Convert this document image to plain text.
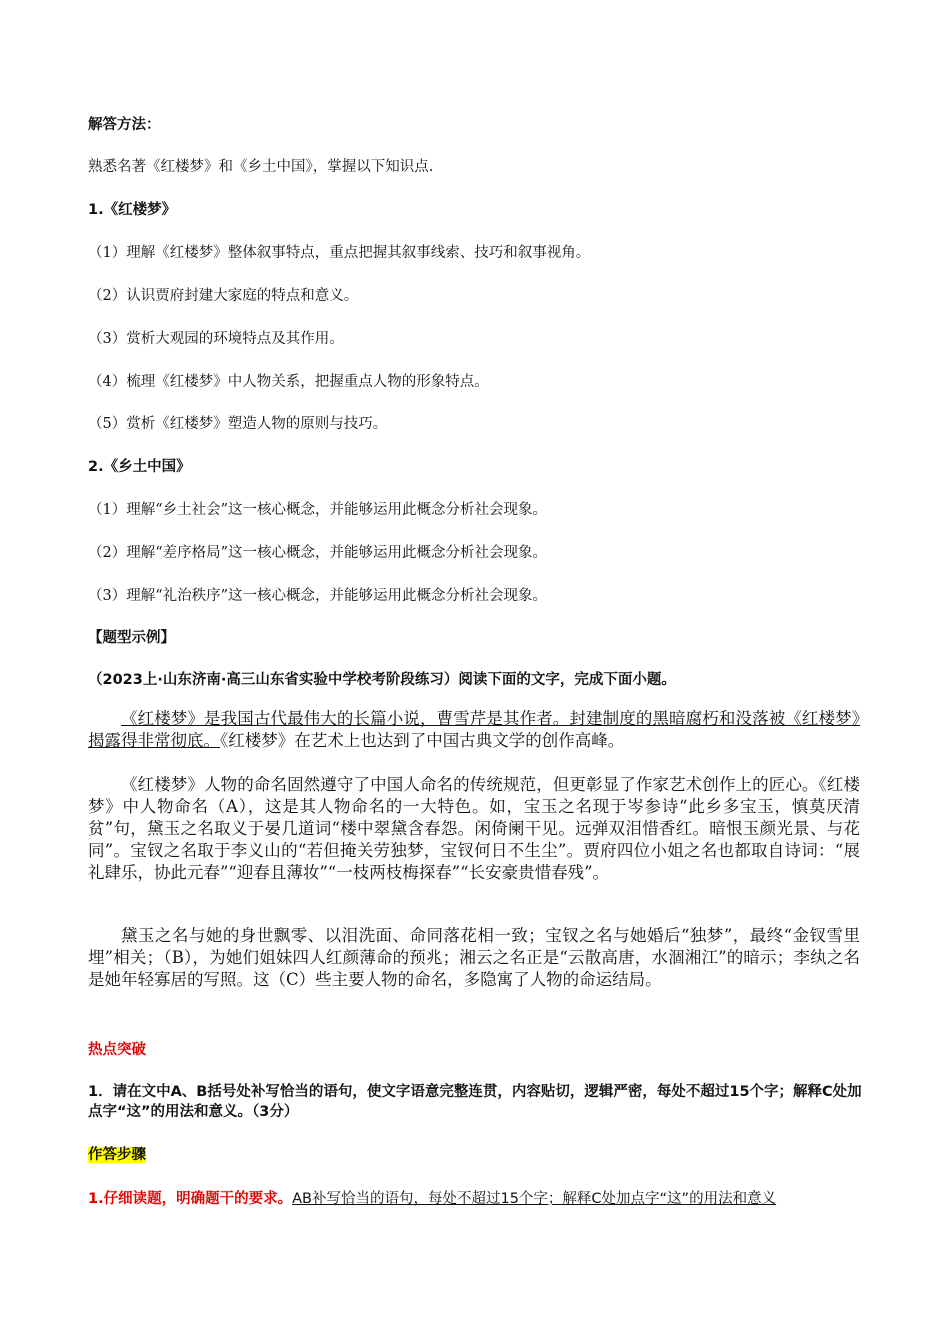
解答方法：
熟悉名著《红楼梦》和《乡土中国》，掌握以下知识点.
1.《红楼梦》
（1）理解《红楼梦》整体叙事特点，重点把握其叙事线索、技巧和叙事视角。
（2）认识贾府封建大家庭的特点和意义。
（3）赏析大观园的环境特点及其作用。
（4）梳理《红楼梦》中人物关系，把握重点人物的形象特点。
（5）赏析《红楼梦》塑造人物的原则与技巧。
2.《乡土中国》
（1）理解“乡土社会”这一核心概念，并能够运用此概念分析社会现象。
（2）理解“差序格局”这一核心概念，并能够运用此概念分析社会现象。
（3）理解“礼治秩序”这一核心概念，并能够运用此概念分析社会现象。
【题型示例】
（2023上·山东济南·高三山东省实验中学校考阶段练习）阅读下面的文字，完成下面小题。
《红楼梦》是我国古代最伟大的长篇小说，曹雪芹是其作者。封建制度的黑暗腐朽和没落被《红楼梦》揭露得非常彻底。《红楼梦》在艺术上也达到了中国古典文学的创作高峰。
《红楼梦》人物的命名固然遵守了中国人命名的传统规范，但更彰显了作家艺术创作上的匠心。《红楼梦》中人物命名（A），这是其人物命名的一大特色。如，宝玉之名现于岑参诗“此乡多宝玉，慎莫厌清贫”句，黛玉之名取义于晏几道词“楼中翠黛含春怨。闲倚阑干见。远弹双泪惜香红。暗恨玉颜光景、与花同”。宝钗之名取于李义山的“若但掩关劳独梦，宝钗何日不生尘”。贾府四位小姐之名也都取自诗词：“展礼肆乐，协此元春”“迎春且薄妆”“一枝两枝梅探春”“长安豪贵惜春残”。
黛玉之名与她的身世飘零、以泪洗面、命同落花相一致；宝钗之名与她婚后“独梦”，最终“金钗雪里埋”相关；（B），为她们姐妹四人红颜薄命的预兆；湘云之名正是“云散高唐，水涸湘江”的暗示；李纨之名是她年轻寡居的写照。这（C）些主要人物的命名，多隐寓了人物的命运结局。
热点突破
1．请在文中A、B括号处补写恰当的语句，使文字语意完整连贯，内容贴切，逻辑严密，每处不超过15个字；解释C处加点字“这”的用法和意义。（3分）
作答步骤
1.仔细读题，明确题干的要求。AB补写恰当的语句，每处不超过15个字；解释C处加点字“这”的用法和意义
